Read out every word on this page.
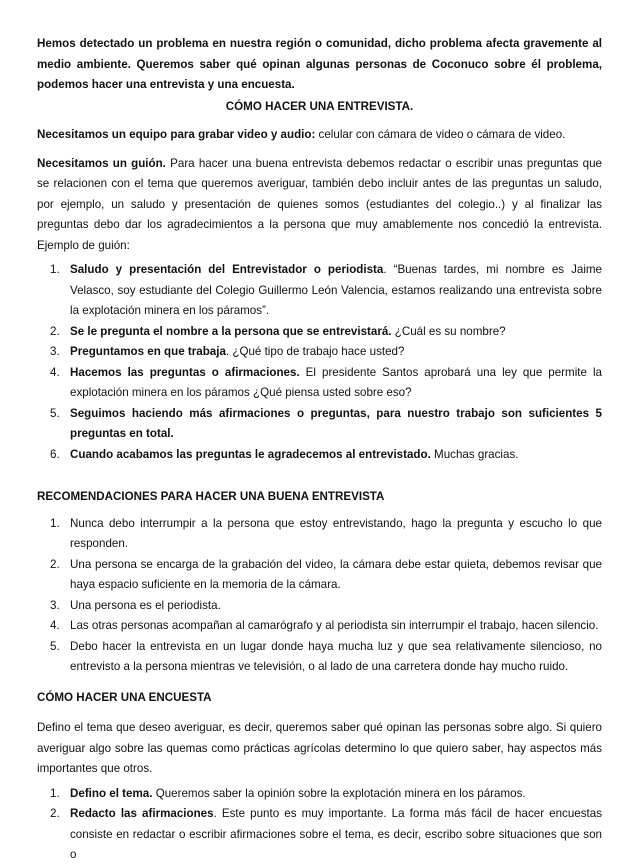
Hemos detectado un problema en nuestra región o comunidad, dicho problema afecta gravemente al medio ambiente. Queremos saber qué opinan algunas personas de Coconuco sobre él problema, podemos hacer una entrevista y una encuesta.

CÓMO HACER UNA ENTREVISTA.

Necesitamos un equipo para grabar video y audio: celular con cámara de video o cámara de video.

Necesitamos un guión. Para hacer una buena entrevista debemos redactar o escribir unas preguntas que se relacionen con el tema que queremos averiguar, también debo incluir antes de las preguntas un saludo, por ejemplo, un saludo y presentación de quienes somos (estudiantes del colegio..) y al finalizar las preguntas debo dar los agradecimientos a la persona que muy amablemente nos concedió la entrevista. Ejemplo de guión:

1. Saludo y presentación del Entrevistador o periodista. “Buenas tardes, mi nombre es Jaime Velasco, soy estudiante del Colegio Guillermo León Valencia, estamos realizando una entrevista sobre la explotación minera en los páramos”.
2. Se le pregunta el nombre a la persona que se entrevistará. ¿Cuál es su nombre?
3. Preguntamos en que trabaja. ¿Qué tipo de trabajo hace usted?
4. Hacemos las preguntas o afirmaciones. El presidente Santos aprobará una ley que permite la explotación minera en los páramos ¿Qué piensa usted sobre eso?
5. Seguimos haciendo más afirmaciones o preguntas, para nuestro trabajo son suficientes 5 preguntas en total.
6. Cuando acabamos las preguntas le agradecemos al entrevistado. Muchas gracias.

RECOMENDACIONES PARA HACER UNA BUENA ENTREVISTA

1. Nunca debo interrumpir a la persona que estoy entrevistando, hago la pregunta y escucho lo que responden.
2. Una persona se encarga de la grabación del video, la cámara debe estar quieta, debemos revisar que haya espacio suficiente en la memoria de la cámara.
3. Una persona es el periodista.
4. Las otras personas acompañan al camarógrafo y al periodista sin interrumpir el trabajo, hacen silencio.
5. Debo hacer la entrevista en un lugar donde haya mucha luz y que sea relativamente silencioso, no entrevisto a la persona mientras ve televisión, o al lado de una carretera donde hay mucho ruido.

CÓMO HACER UNA ENCUESTA

Defino el tema que deseo averiguar, es decir, queremos saber qué opinan las personas sobre algo. Si quiero averiguar algo sobre las quemas como prácticas agrícolas determino lo que quiero saber, hay aspectos más importantes que otros.

1. Defino el tema. Queremos saber la opinión sobre la explotación minera en los páramos.
2. Redacto las afirmaciones. Este punto es muy importante. La forma más fácil de hacer encuestas consiste en redactar o escribir afirmaciones sobre el tema, es decir, escribo sobre situaciones que son o
